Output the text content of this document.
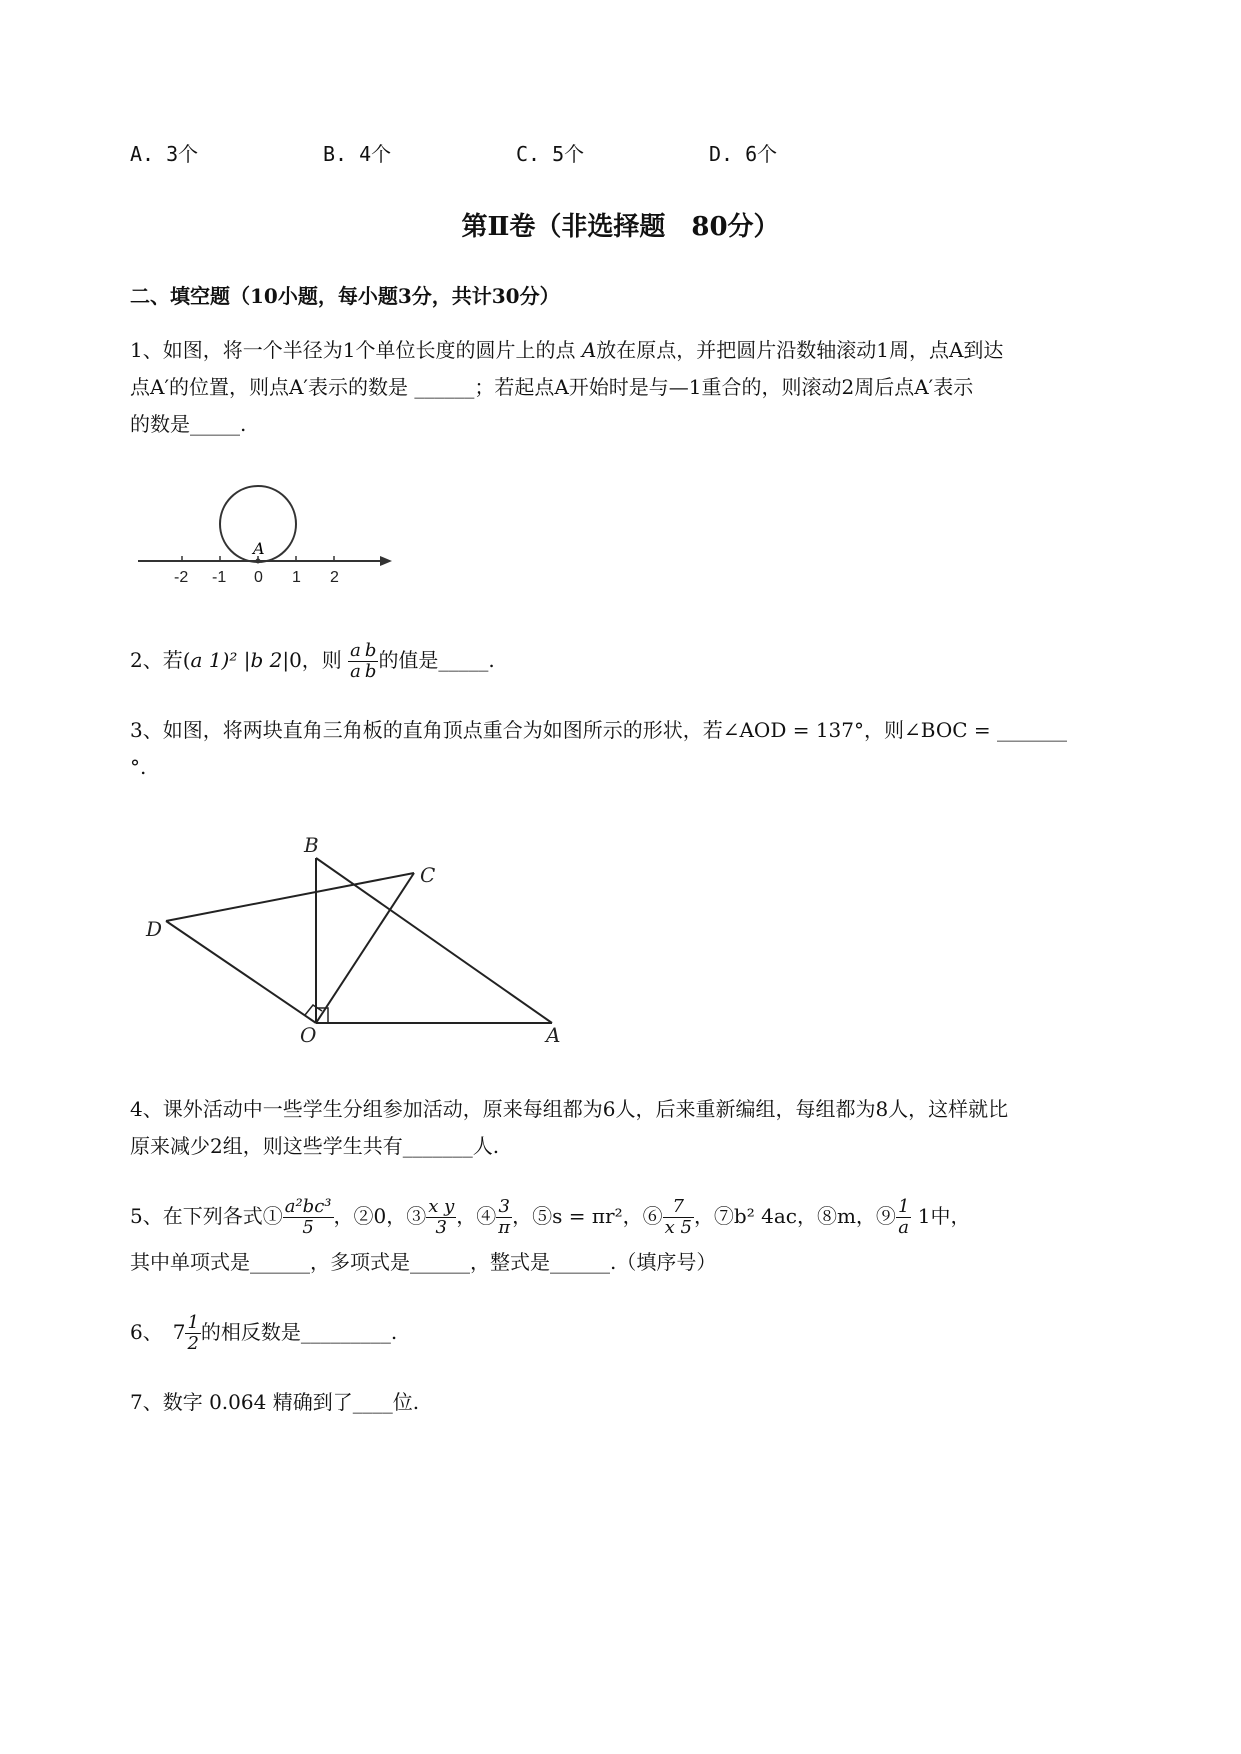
A. 3个	B. 4个	C. 5个	D. 6个
第Ⅱ卷（非选择题　80分）
二、填空题（10小题，每小题3分，共计30分）
1、如图，将一个半径为1个单位长度的圆片上的点 A放在原点，并把圆片沿数轴滚动1周，点A到达
点A′的位置，则点A′表示的数是 ______；若起点A开始时是与—1重合的，则滚动2周后点A′表示
的数是_____.
A
-2 -1 0 1 2
2、若(a 1)² |b 2|0，则 $\frac{a}{a} \frac{b}{b}$ 的值是_____.
3、如图，将两块直角三角板的直角顶点重合为如图所示的形状，若∠AOD = 137°，则∠BOC = _______
°.
B
C
D
O	A
4、课外活动中一些学生分组参加活动，原来每组都为6人，后来重新编组，每组都为8人，这样就比
原来减少2组，则这些学生共有_______人.
5、在下列各式① $\frac{\text{a²bc³}}{5}$ ，②0，③ $\frac{\text{x y}}{3}$ ，④ $\frac{3}{\pi}$ ，⑤s = πr²，⑥ $\frac{7}{x 5}$ ，⑦b² 4ac，⑧m，⑨ $\frac{1}{a} 1$中，
其中单项式是______，多项式是______，整式是______.（填序号）
6、　$7 \frac{1}{2}$ 的相反数是_________.
7、数字 0.064 精确到了____位.
